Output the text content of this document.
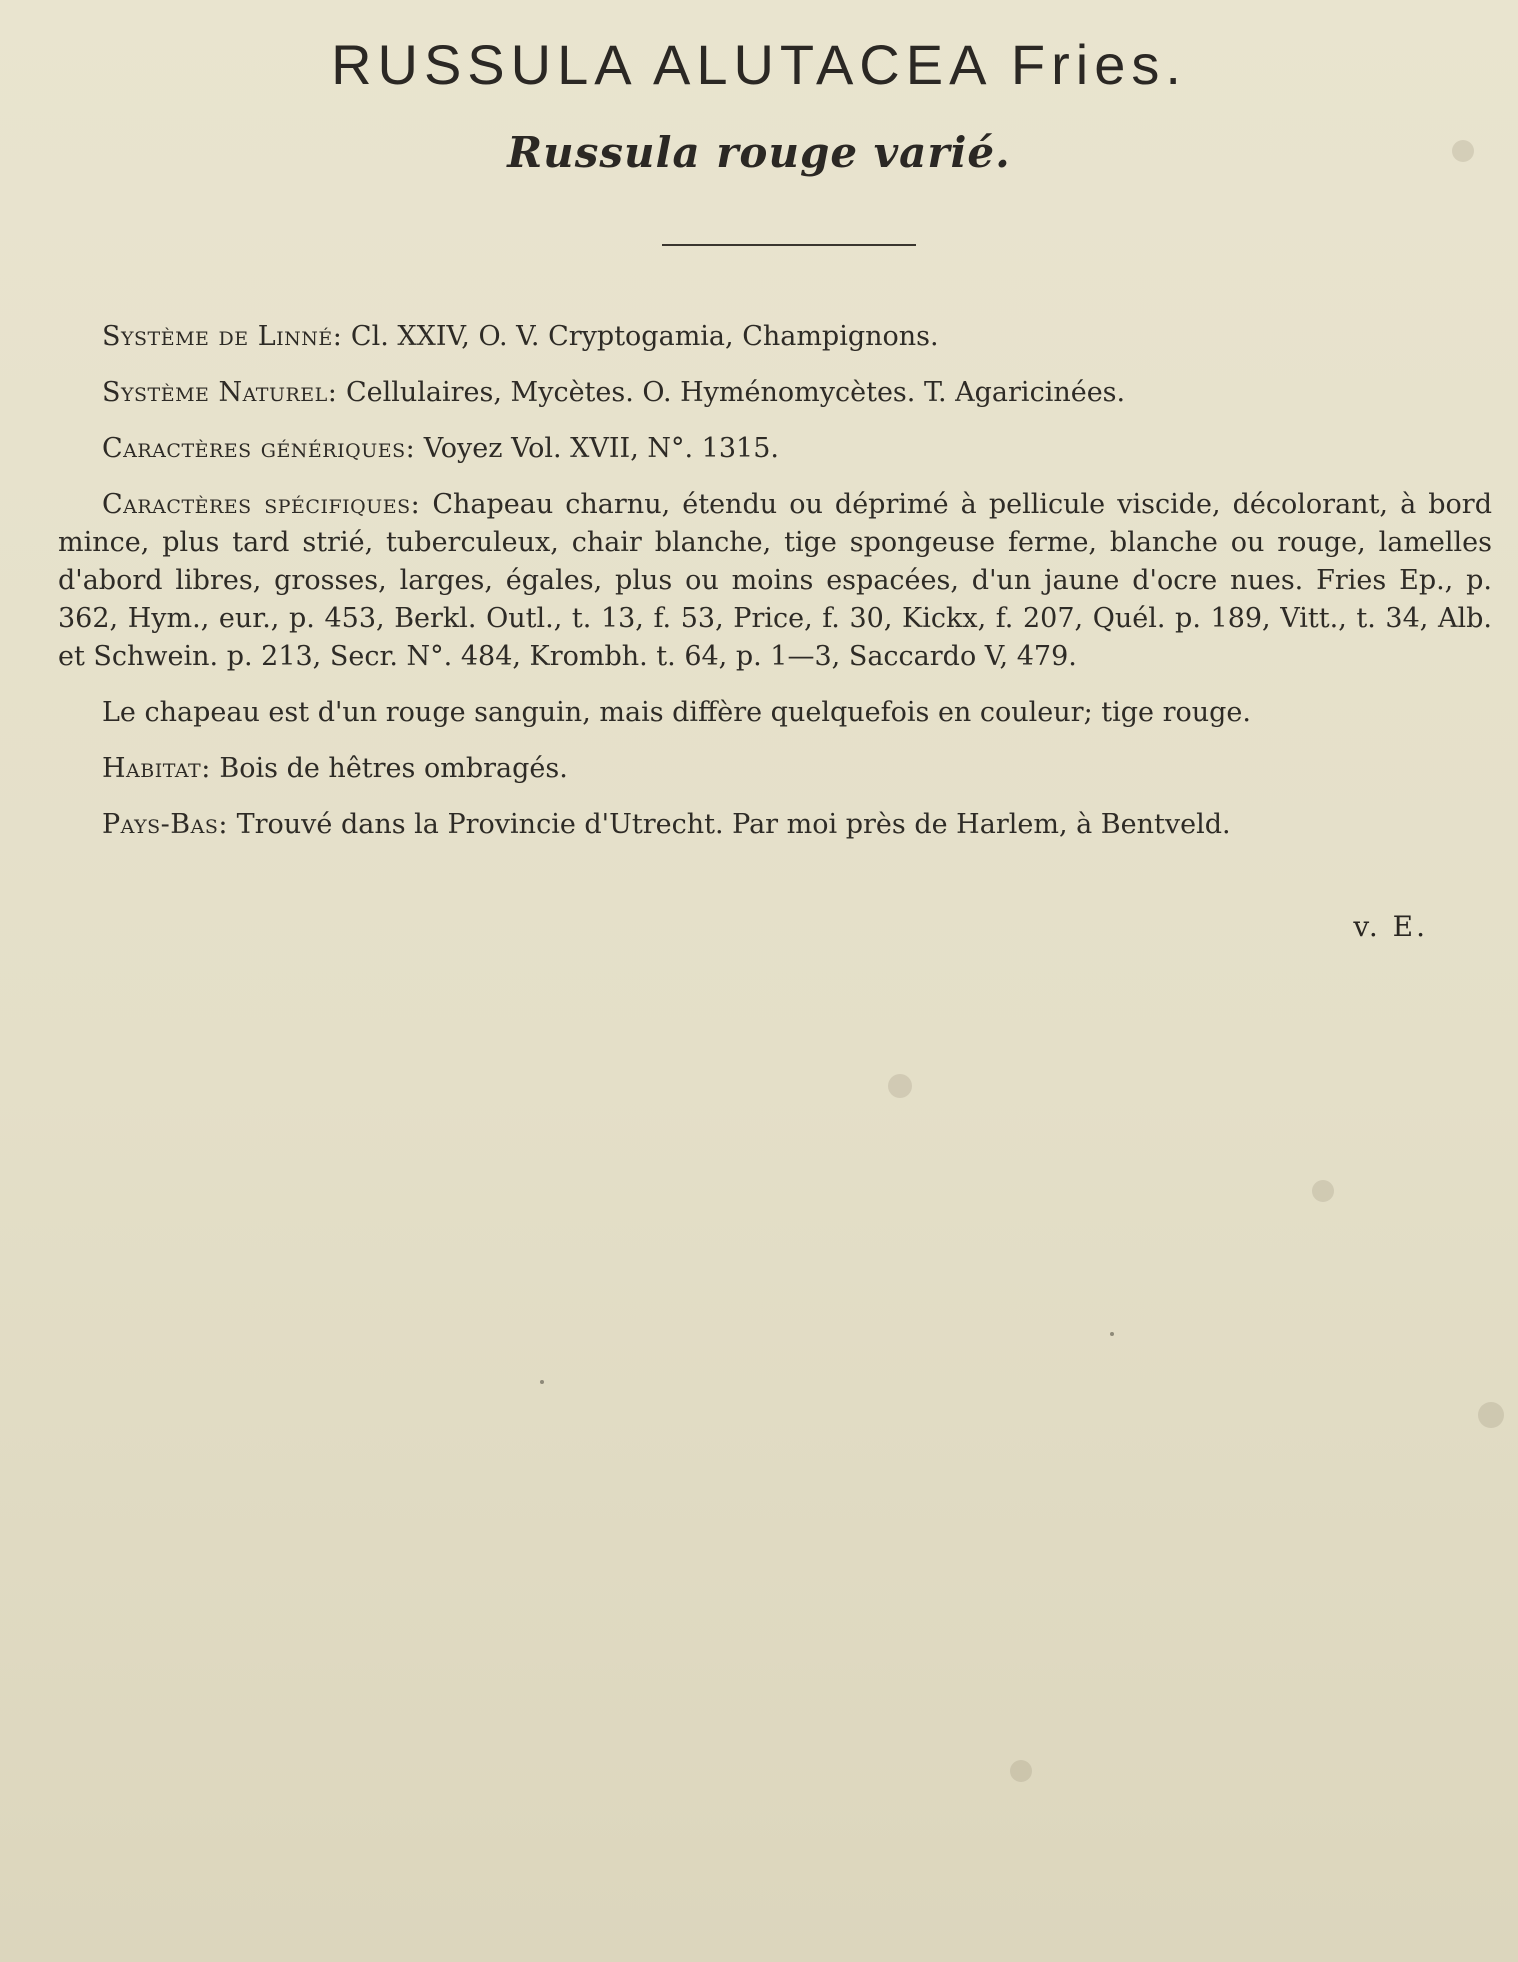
RUSSULA ALUTACEA Fries.
Russula rouge varié.

Système de Linné: Cl. XXIV, O. V. Cryptogamia, Champignons.

Système Naturel: Cellulaires, Mycètes. O. Hyménomycètes. T. Agaricinées.

Caractères génériques: Voyez Vol. XVII, N°. 1315.

Caractères spécifiques: Chapeau charnu, étendu ou déprimé à pellicule viscide, décolorant, à bord mince, plus tard strié, tuberculeux, chair blanche, tige spongeuse ferme, blanche ou rouge, lamelles d'abord libres, grosses, larges, égales, plus ou moins espacées, d'un jaune d'ocre nues. Fries Ep., p. 362, Hym., eur., p. 453, Berkl. Outl., t. 13, f. 53, Price, f. 30, Kickx, f. 207, Quél. p. 189, Vitt., t. 34, Alb. et Schwein. p. 213, Secr. N°. 484, Krombh. t. 64, p. 1—3, Saccardo V, 479.

Le chapeau est d'un rouge sanguin, mais diffère quelquefois en couleur; tige rouge.

Habitat: Bois de hêtres ombragés.

Pays-Bas: Trouvé dans la Provincie d'Utrecht. Par moi près de Harlem, à Bentveld.

v. E.
